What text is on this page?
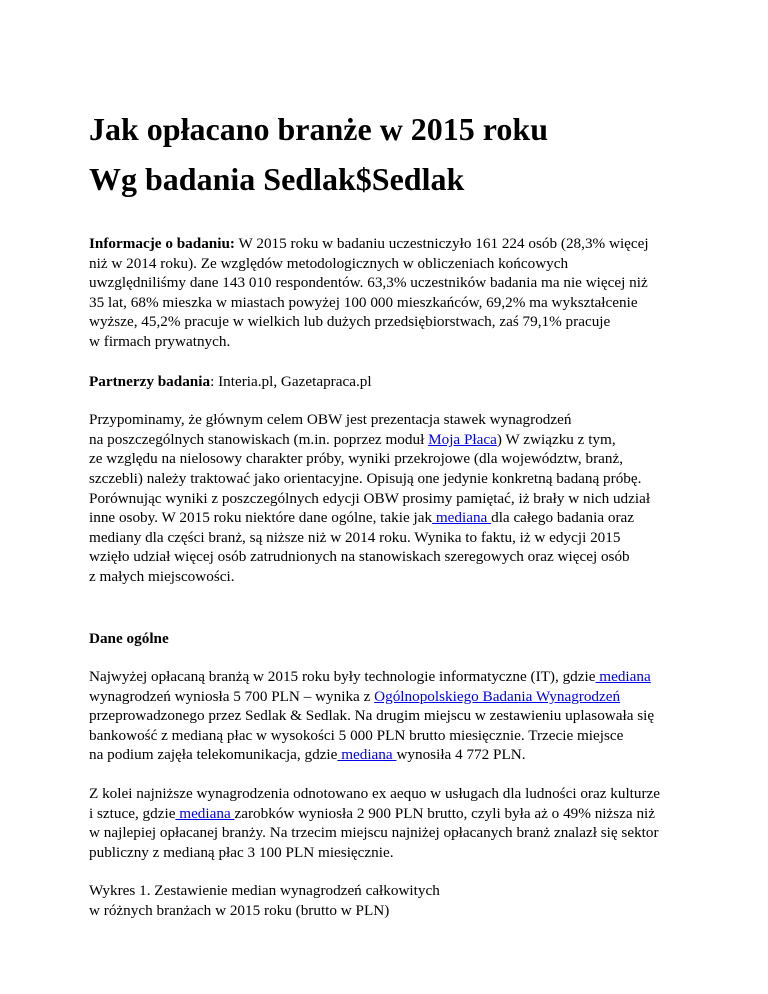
Jak opłacano branże w 2015 roku
Wg badania Sedlak$Sedlak

Informacje o badaniu: W 2015 roku w badaniu uczestniczyło 161 224 osób (28,3% więcej
niż w 2014 roku). Ze względów metodologicznych w obliczeniach końcowych
uwzględniliśmy dane 143 010 respondentów. 63,3% uczestników badania ma nie więcej niż
35 lat, 68% mieszka w miastach powyżej 100 000 mieszkańców, 69,2% ma wykształcenie
wyższe, 45,2% pracuje w wielkich lub dużych przedsiębiorstwach, zaś 79,1% pracuje
w firmach prywatnych.

Partnerzy badania: Interia.pl, Gazetapraca.pl

Przypominamy, że głównym celem OBW jest prezentacja stawek wynagrodzeń
na poszczególnych stanowiskach (m.in. poprzez moduł Moja Płaca) W związku z tym,
ze względu na nielosowy charakter próby, wyniki przekrojowe (dla województw, branż,
szczebli) należy traktować jako orientacyjne. Opisują one jedynie konkretną badaną próbę.
Porównując wyniki z poszczególnych edycji OBW prosimy pamiętać, iż brały w nich udział
inne osoby. W 2015 roku niektóre dane ogólne, takie jak mediana dla całego badania oraz
mediany dla części branż, są niższe niż w 2014 roku. Wynika to faktu, iż w edycji 2015
wzięło udział więcej osób zatrudnionych na stanowiskach szeregowych oraz więcej osób
z małych miejscowości.

Dane ogólne

Najwyżej opłacaną branżą w 2015 roku były technologie informatyczne (IT), gdzie mediana
wynagrodzeń wyniosła 5 700 PLN – wynika z Ogólnopolskiego Badania Wynagrodzeń
przeprowadzonego przez Sedlak & Sedlak. Na drugim miejscu w zestawieniu uplasowała się
bankowość z medianą płac w wysokości 5 000 PLN brutto miesięcznie. Trzecie miejsce
na podium zajęła telekomunikacja, gdzie mediana wynosiła 4 772 PLN.

Z kolei najniższe wynagrodzenia odnotowano ex aequo w usługach dla ludności oraz kulturze
i sztuce, gdzie mediana zarobków wyniosła 2 900 PLN brutto, czyli była aż o 49% niższa niż
w najlepiej opłacanej branży. Na trzecim miejscu najniżej opłacanych branż znalazł się sektor
publiczny z medianą płac 3 100 PLN miesięcznie.

Wykres 1. Zestawienie median wynagrodzeń całkowitych
w różnych branżach w 2015 roku (brutto w PLN)
